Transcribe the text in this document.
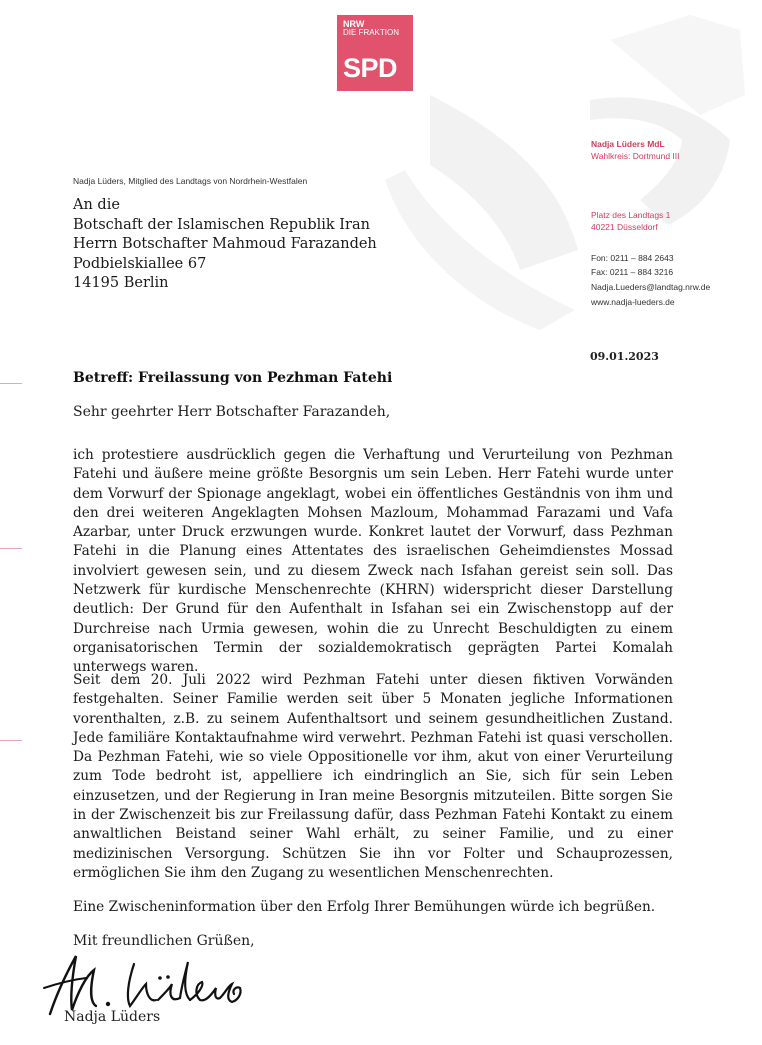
NRW
DIE FRAKTION
SPD
Nadja Lüders, Mitglied des Landtags von Nordrhein-Westfalen
An die
Botschaft der Islamischen Republik Iran
Herrn Botschafter Mahmoud Farazandeh
Podbielskiallee 67
14195 Berlin
Nadja Lüders MdL
Wahlkreis: Dortmund III
Platz des Landtags 1
40221 Düsseldorf
Fon: 0211 – 884 2643
Fax: 0211 – 884 3216
Nadja.Lueders@landtag.nrw.de
www.nadja-lueders.de
09.01.2023
Betreff: Freilassung von Pezhman Fatehi
Sehr geehrter Herr Botschafter Farazandeh,
ich protestiere ausdrücklich gegen die Verhaftung und Verurteilung von Pezhman Fatehi und äußere meine größte Besorgnis um sein Leben. Herr Fatehi wurde unter dem Vorwurf der Spionage angeklagt, wobei ein öffentliches Geständnis von ihm und den drei weiteren Angeklagten Mohsen Mazloum, Mohammad Farazami und Vafa Azarbar, unter Druck erzwungen wurde. Konkret lautet der Vorwurf, dass Pezhman Fatehi in die Planung eines Attentates des israelischen Geheimdienstes Mossad involviert gewesen sein, und zu diesem Zweck nach Isfahan gereist sein soll. Das Netzwerk für kurdische Menschenrechte (KHRN) widerspricht dieser Darstellung deutlich: Der Grund für den Aufenthalt in Isfahan sei ein Zwischenstopp auf der Durchreise nach Urmia gewesen, wohin die zu Unrecht Beschuldigten zu einem organisatorischen Termin der sozialdemokratisch geprägten Partei Komalah unterwegs waren.
Seit dem 20. Juli 2022 wird Pezhman Fatehi unter diesen fiktiven Vorwänden festgehalten. Seiner Familie werden seit über 5 Monaten jegliche Informationen vorenthalten, z.B. zu seinem Aufenthaltsort und seinem gesundheitlichen Zustand. Jede familiäre Kontaktaufnahme wird verwehrt. Pezhman Fatehi ist quasi verschollen. Da Pezhman Fatehi, wie so viele Oppositionelle vor ihm, akut von einer Verurteilung zum Tode bedroht ist, appelliere ich eindringlich an Sie, sich für sein Leben einzusetzen, und der Regierung in Iran meine Besorgnis mitzuteilen. Bitte sorgen Sie in der Zwischenzeit bis zur Freilassung dafür, dass Pezhman Fatehi Kontakt zu einem anwaltlichen Beistand seiner Wahl erhält, zu seiner Familie, und zu einer medizinischen Versorgung. Schützen Sie ihn vor Folter und Schauprozessen, ermöglichen Sie ihm den Zugang zu wesentlichen Menschenrechten.
Eine Zwischeninformation über den Erfolg Ihrer Bemühungen würde ich begrüßen.
Mit freundlichen Grüßen,
Nadja Lüders
